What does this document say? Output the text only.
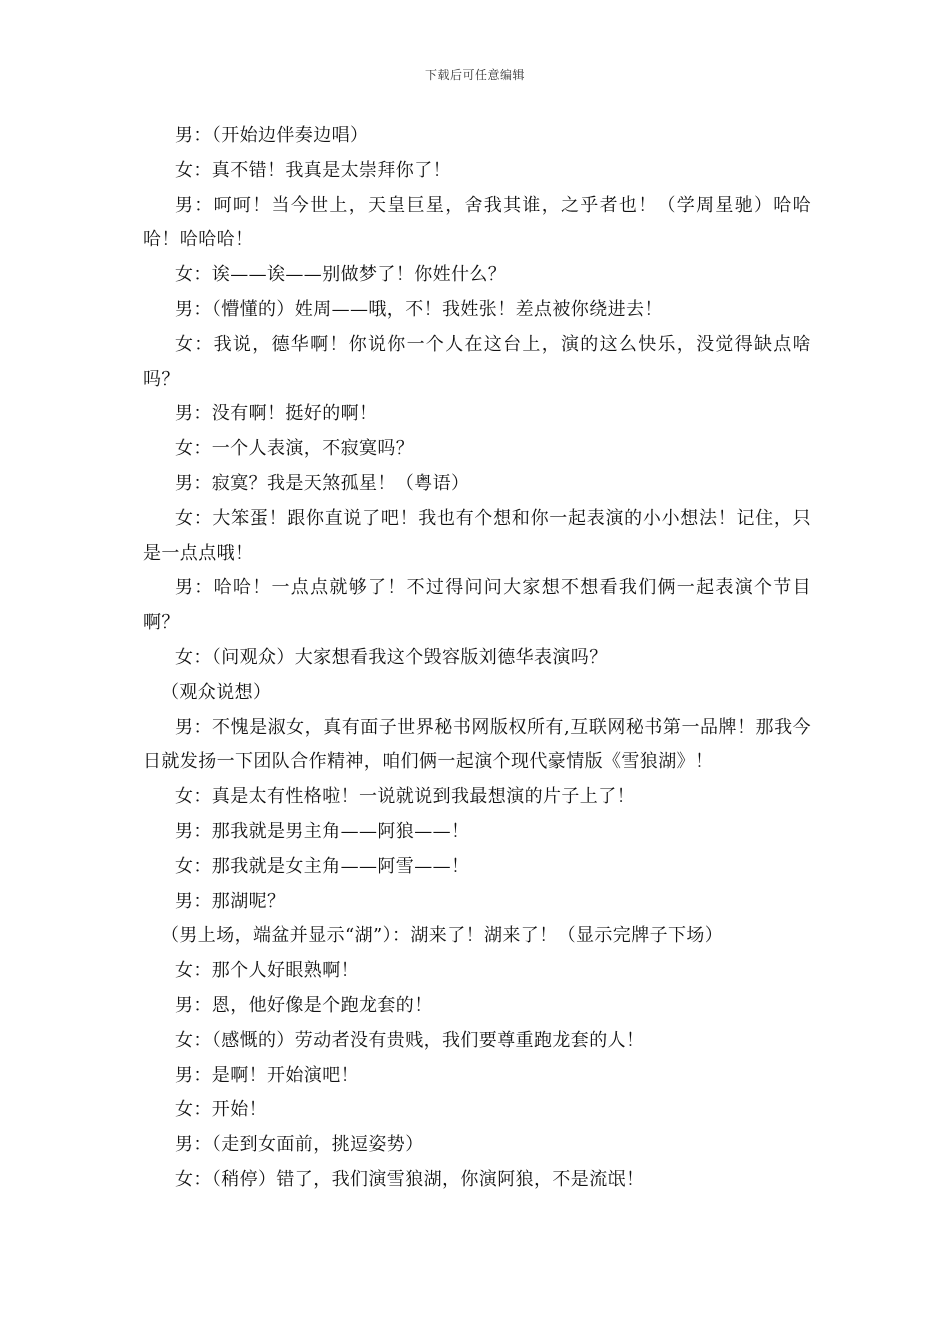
下载后可任意编辑

男：（开始边伴奏边唱）

女：真不错！我真是太崇拜你了！

男：呵呵！当今世上，天皇巨星，舍我其谁，之乎者也！（学周星驰）哈哈哈！哈哈哈！

女：诶——诶——别做梦了！你姓什么？

男：（懵懂的）姓周——哦，不！我姓张！差点被你绕进去！

女：我说，德华啊！你说你一个人在这台上，演的这么快乐，没觉得缺点啥吗？

男：没有啊！挺好的啊！

女：一个人表演，不寂寞吗？

男：寂寞？我是天煞孤星！（粤语）

女：大笨蛋！跟你直说了吧！我也有个想和你一起表演的小小想法！记住，只是一点点哦！

男：哈哈！一点点就够了！不过得问问大家想不想看我们俩一起表演个节目啊？

女：（问观众）大家想看我这个毁容版刘德华表演吗？

（观众说想）

男：不愧是淑女，真有面子世界秘书网版权所有,互联网秘书第一品牌！那我今日就发扬一下团队合作精神，咱们俩一起演个现代豪情版《雪狼湖》！

女：真是太有性格啦！一说就说到我最想演的片子上了！

男：那我就是男主角——阿狼——！

女：那我就是女主角——阿雪——！

男：那湖呢？

（男上场，端盆并显示“湖”）：湖来了！湖来了！（显示完牌子下场）

女：那个人好眼熟啊！

男：恩，他好像是个跑龙套的！

女：（感慨的）劳动者没有贵贱，我们要尊重跑龙套的人！

男：是啊！开始演吧！

女：开始！

男：（走到女面前，挑逗姿势）

女：（稍停）错了，我们演雪狼湖，你演阿狼，不是流氓！
